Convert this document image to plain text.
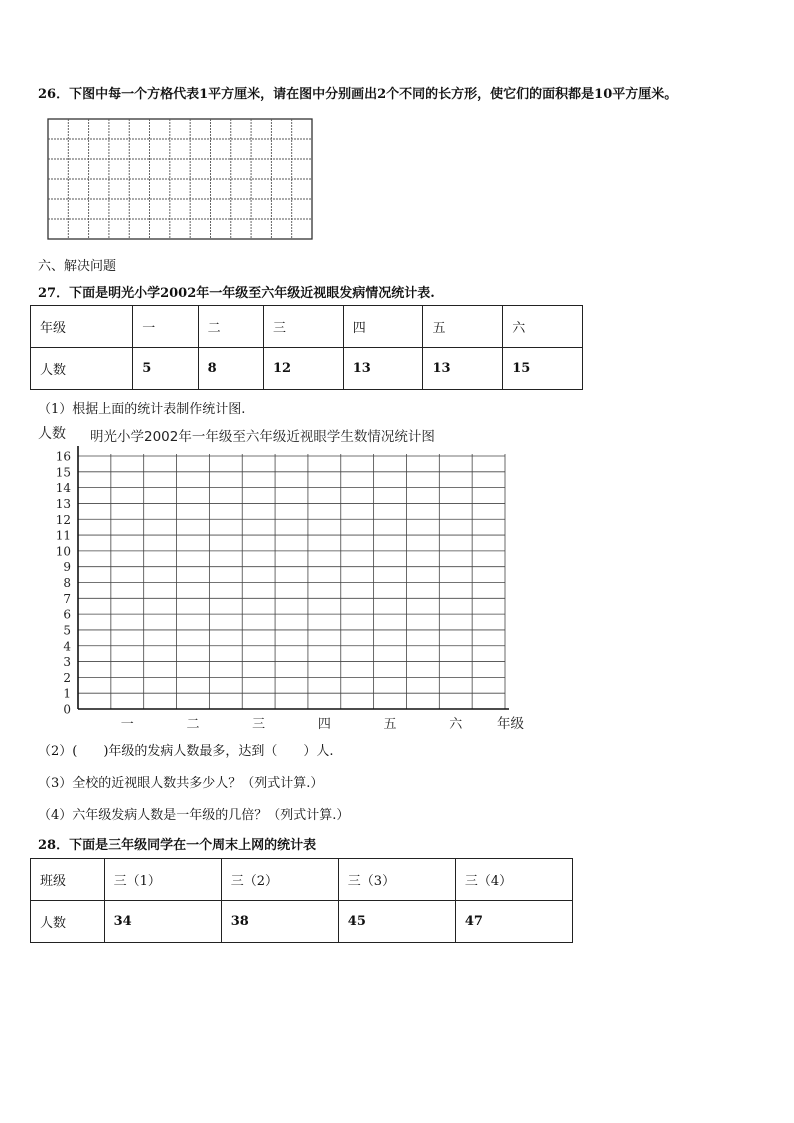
26．下图中每一个方格代表1平方厘米，请在图中分别画出2个不同的长方形，使它们的面积都是10平方厘米。
六、解决问题
27．下面是明光小学2002年一年级至六年级近视眼发病情况统计表.
年级	一	二	三	四	五	六
人数	5	8	12	13	13	15
（1）根据上面的统计表制作统计图.
明光小学2002年一年级至六年级近视眼学生数情况统计图
人数
0
1
2
3
4
5
6
7
8
9
10
11
12
13
14
15
16
一	二	三	四	五	六	年级
（2）(　　)年级的发病人数最多，达到（　　）人.
（3）全校的近视眼人数共多少人？（列式计算.）
（4）六年级发病人数是一年级的几倍？（列式计算.）
28．下面是三年级同学在一个周末上网的统计表
班级	三（1）	三（2）	三（3）	三（4）
人数	34	38	45	47
